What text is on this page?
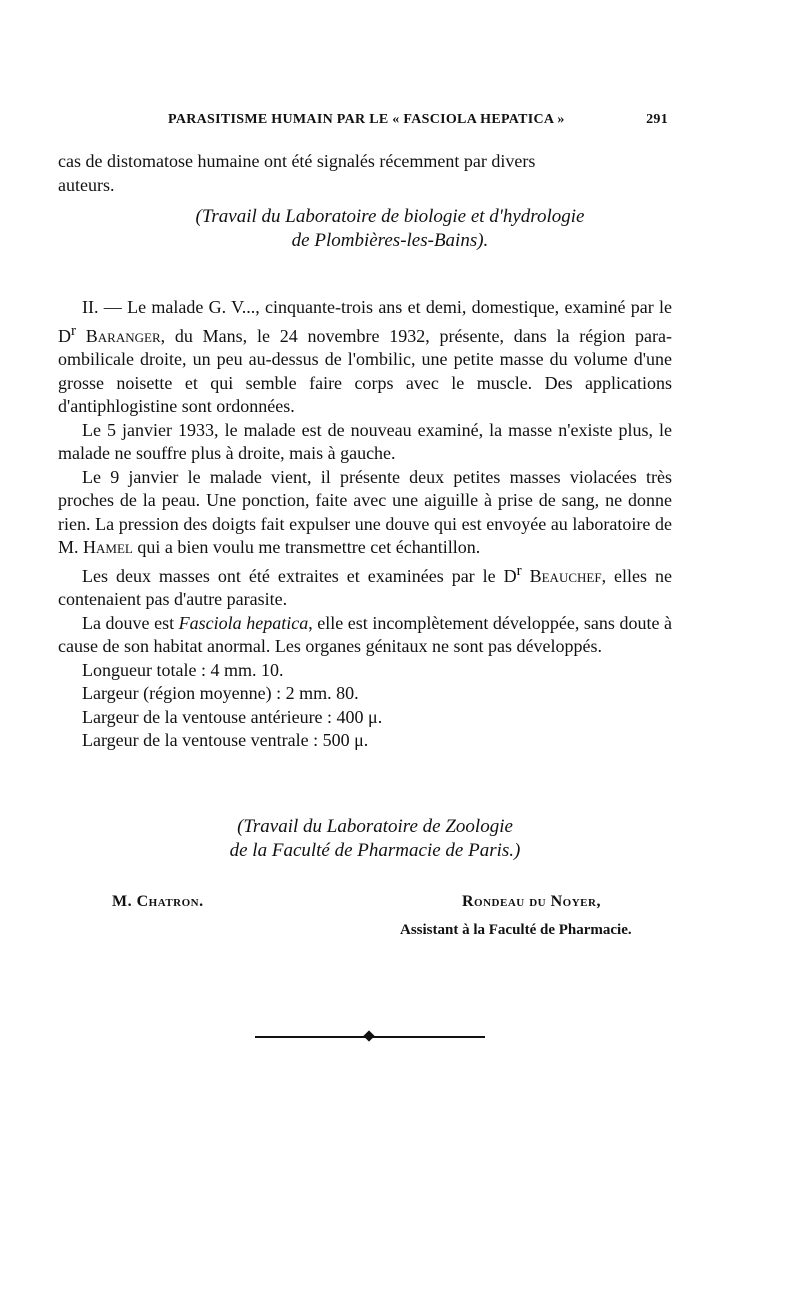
PARASITISME HUMAIN PAR LE « FASCIOLA HEPATICA »	291
cas de distomatose humaine ont été signalés récemment par divers
auteurs.
(Travail du Laboratoire de biologie et d'hydrologie
de Plombières-les-Bains).

II. — Le malade G. V..., cinquante-trois ans et demi, domestique, examiné par le $D^r$ Baranger, du Mans, le 24 novembre 1932, présente, dans la région para-ombilicale droite, un peu au-dessus de l'ombilic, une petite masse du volume d'une grosse noisette et qui semble faire corps avec le muscle. Des applications d'antiphlogistine sont ordonnées.

Le 5 janvier 1933, le malade est de nouveau examiné, la masse n'existe plus, le malade ne souffre plus à droite, mais à gauche.

Le 9 janvier le malade vient, il présente deux petites masses violacées très proches de la peau. Une ponction, faite avec une aiguille à prise de sang, ne donne rien. La pression des doigts fait expulser une douve qui est envoyée au laboratoire de M. Hamel qui a bien voulu me transmettre cet échantillon.

Les deux masses ont été extraites et examinées par le $D^r$ Beauchef, elles ne contenaient pas d'autre parasite.

La douve est Fasciola hepatica, elle est incomplètement développée, sans doute à cause de son habitat anormal. Les organes génitaux ne sont pas développés.

Longueur totale : 4 mm. 10.
Largeur (région moyenne) : 2 mm. 80.
Largeur de la ventouse antérieure : 400 μ.
Largeur de la ventouse ventrale : 500 μ.
(Travail du Laboratoire de Zoologie
de la Faculté de Pharmacie de Paris.)
M. Chatron.	Rondeau du Noyer,
Assistant à la Faculté de Pharmacie.
